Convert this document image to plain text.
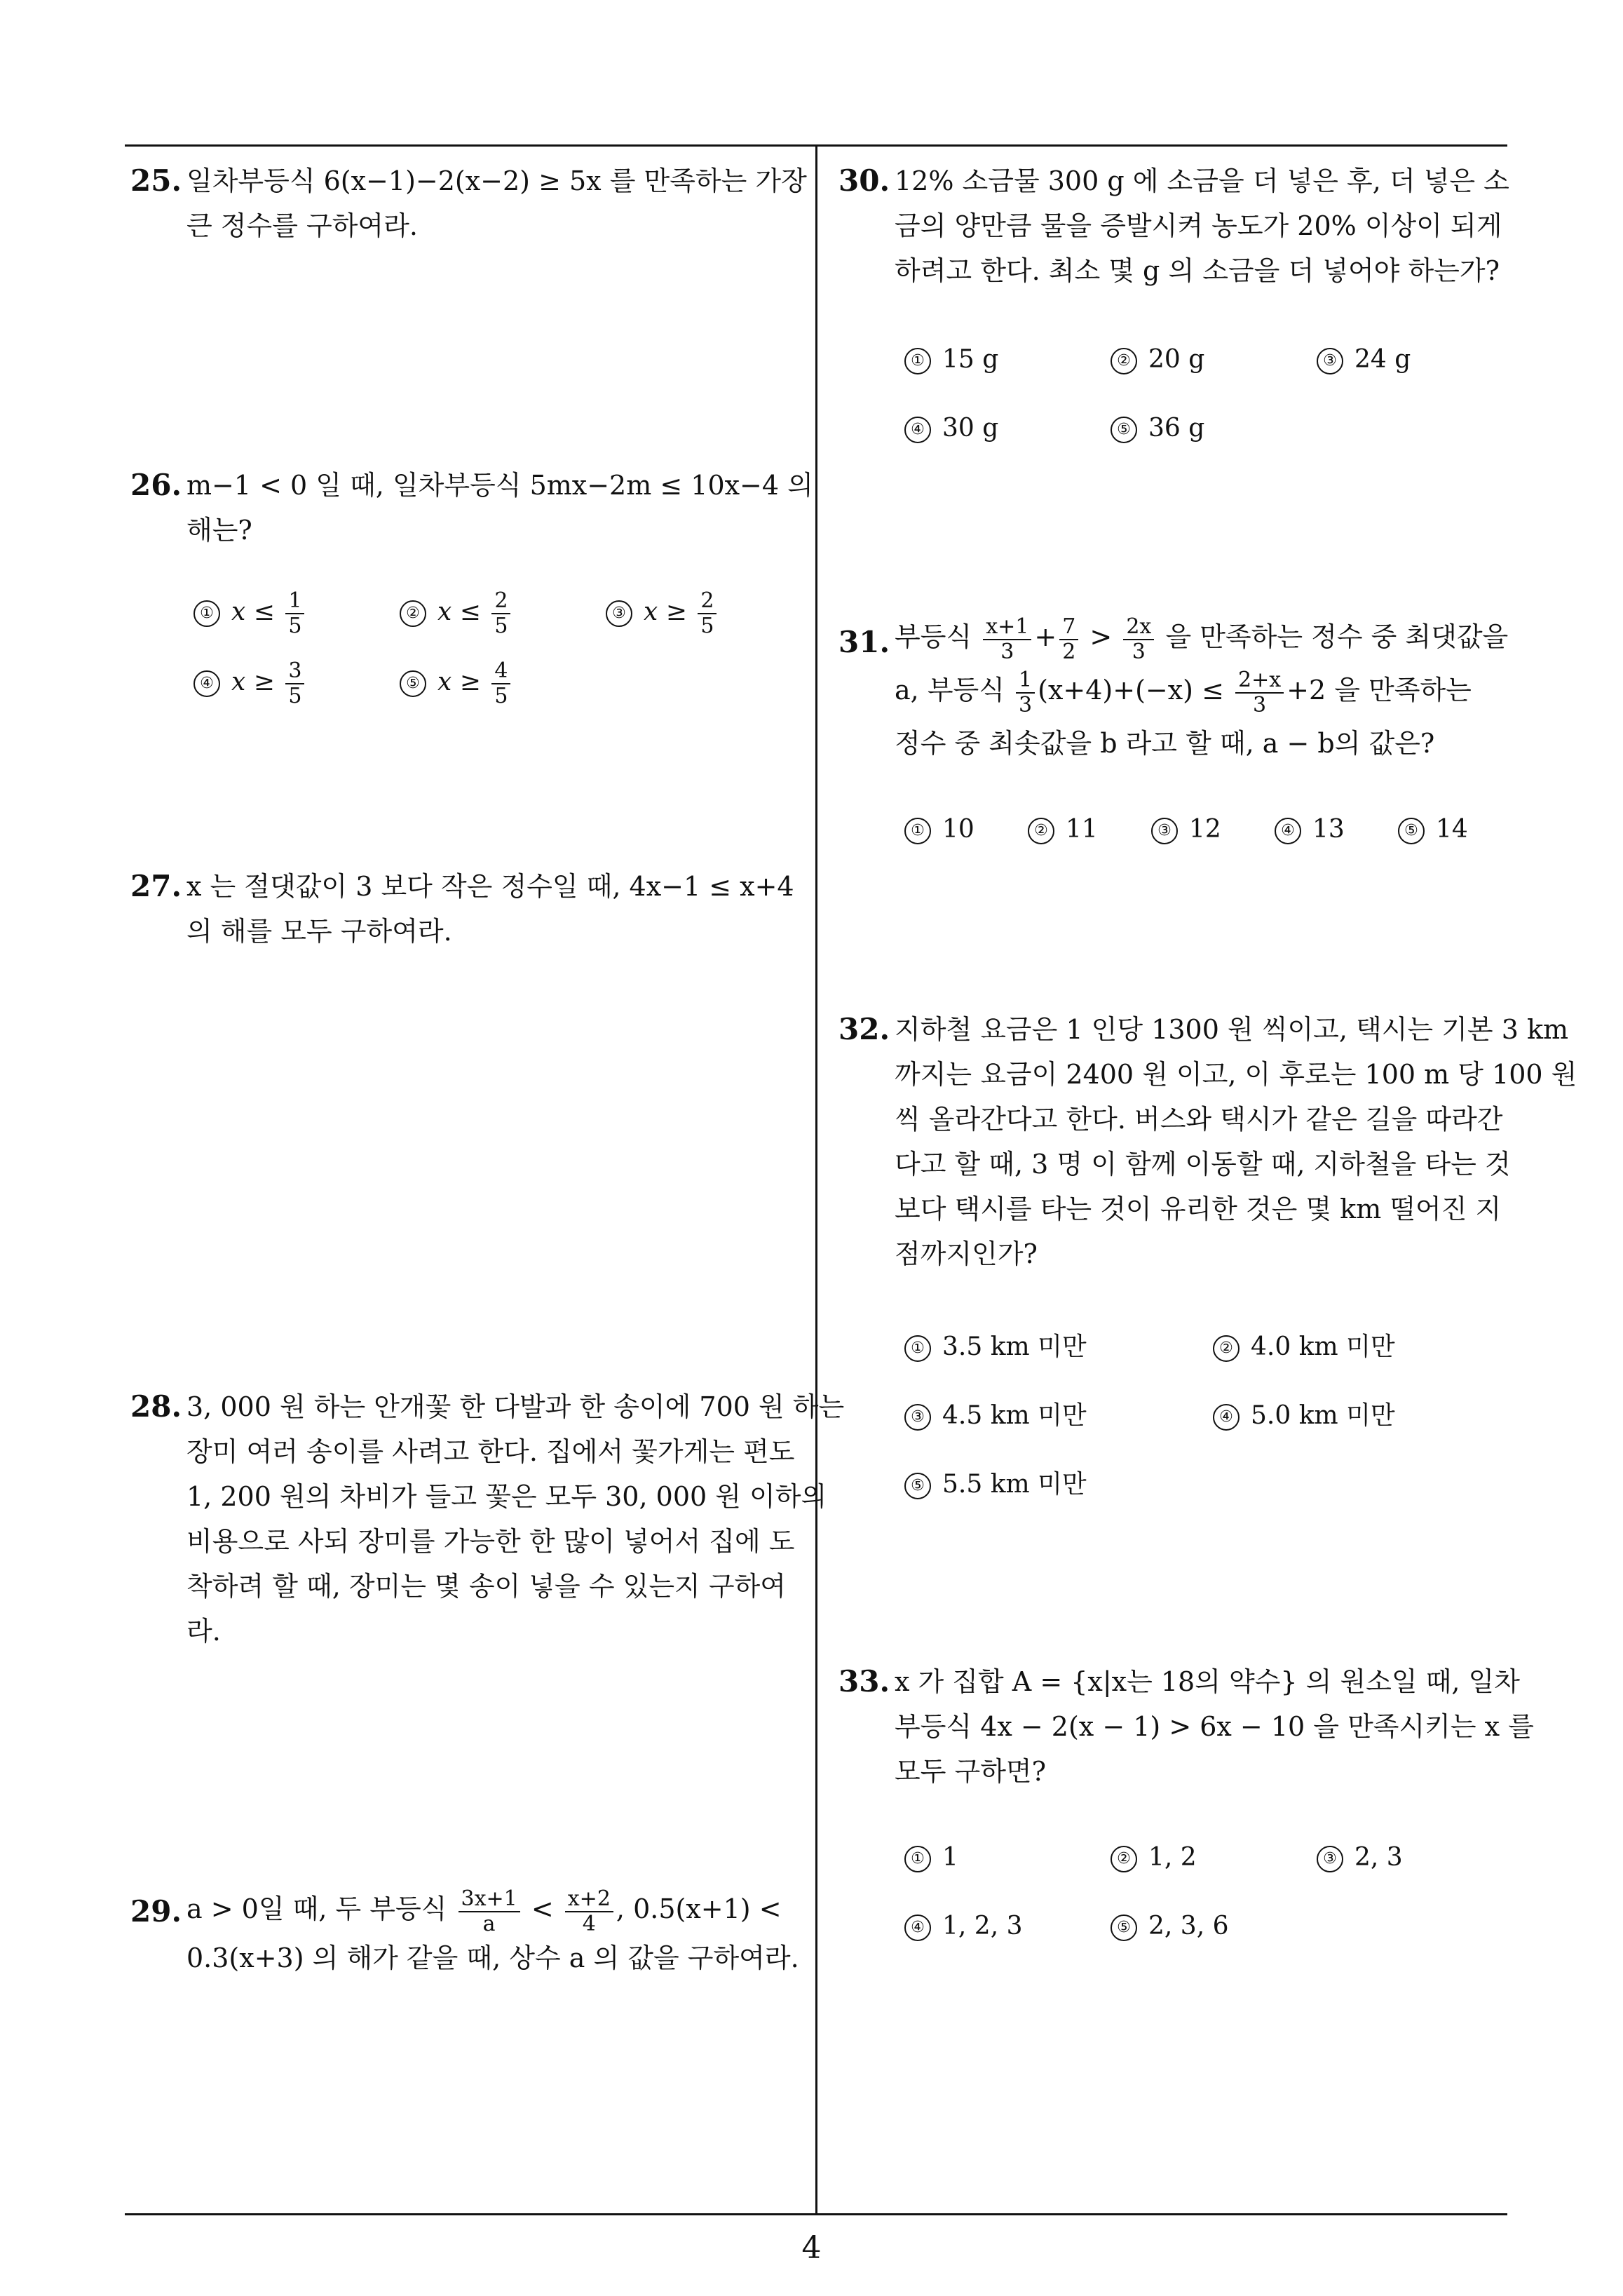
25. 일차부등식 6(x−1)−2(x−2) ≥ 5x 를 만족하는 가장
큰 정수를 구하여라.
26. m−1 < 0 일 때, 일차부등식 5mx−2m ≤ 10x−4 의
해는?
① $x \le \frac{1}{5}$	② $x \le \frac{2}{5}$	③ $x \ge \frac{2}{5}$
④ $x \ge \frac{3}{5}$	⑤ $x \ge \frac{4}{5}$
27. x 는 절댓값이 3 보다 작은 정수일 때, 4x−1 ≤ x+4
의 해를 모두 구하여라.
28. 3, 000 원 하는 안개꽃 한 다발과 한 송이에 700 원 하는
장미 여러 송이를 사려고 한다. 집에서 꽃가게는 편도
1, 200 원의 차비가 들고 꽃은 모두 30, 000 원 이하의
비용으로 사되 장미를 가능한 한 많이 넣어서 집에 도
착하려 할 때, 장미는 몇 송이 넣을 수 있는지 구하여
라.
29. a > 0일 때, 두 부등식 $\frac{3x+1}{a} < \frac{x+2}{4}$ , 0.5(x+1) <
0.3(x+3) 의 해가 같을 때, 상수 a 의 값을 구하여라.
30. 12% 소금물 300 g 에 소금을 더 넣은 후, 더 넣은 소
금의 양만큼 물을 증발시켜 농도가 20% 이상이 되게
하려고 한다. 최소 몇 g 의 소금을 더 넣어야 하는가?
① 15 g	② 20 g	③ 24 g
④ 30 g	⑤ 36 g
31. 부등식 $\frac{x+1}{3} + \frac{7}{2} > \frac{2x}{3}$ 을 만족하는 정수 중 최댓값을
a, 부등식 $\frac{1}{3} (x+4)+(-x) \le \frac{2+x}{3} +2$ 을 만족하는
정수 중 최솟값을 b 라고 할 때, a − b의 값은?
① 10	② 11	③ 12	④ 13	⑤ 14
32. 지하철 요금은 1 인당 1300 원 씩이고, 택시는 기본 3 km
까지는 요금이 2400 원 이고, 이 후로는 100 m 당 100 원
씩 올라간다고 한다. 버스와 택시가 같은 길을 따라간
다고 할 때, 3 명 이 함께 이동할 때, 지하철을 타는 것
보다 택시를 타는 것이 유리한 것은 몇 km 떨어진 지
점까지인가?
① 3.5 km 미만	② 4.0 km 미만
③ 4.5 km 미만	④ 5.0 km 미만
⑤ 5.5 km 미만
33. x 가 집합 A = {x|x는 18의 약수} 의 원소일 때, 일차
부등식 4x − 2(x − 1) > 6x − 10 을 만족시키는 x 를
모두 구하면?
① 1	② 1, 2	③ 2, 3
④ 1, 2, 3	⑤ 2, 3, 6
4
